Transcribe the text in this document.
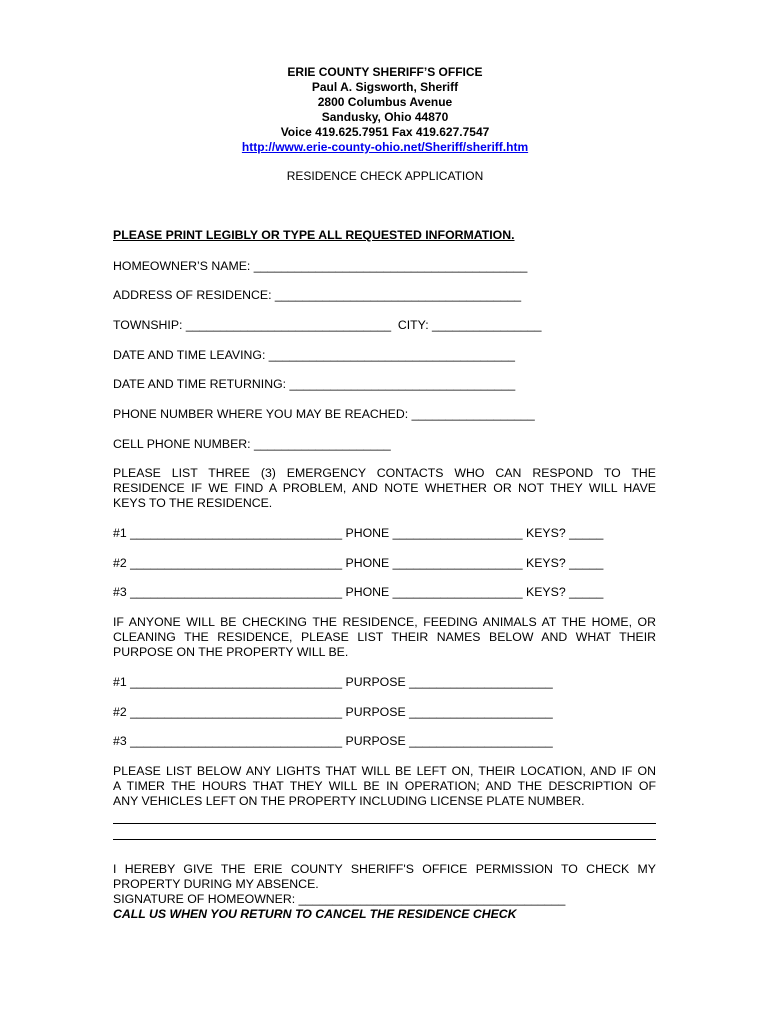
ERIE COUNTY SHERIFF’S OFFICE
Paul A. Sigsworth, Sheriff
2800 Columbus Avenue
Sandusky, Ohio 44870
Voice 419.625.7951 Fax 419.627.7547
http://www.erie-county-ohio.net/Sheriff/sheriff.htm
RESIDENCE CHECK APPLICATION
PLEASE PRINT LEGIBLY OR TYPE ALL REQUESTED INFORMATION.
HOMEOWNER’S NAME: ________________________________________
ADDRESS OF RESIDENCE: ____________________________________
TOWNSHIP: ______________________________  CITY: ________________
DATE AND TIME LEAVING: ____________________________________
DATE AND TIME RETURNING: _________________________________
PHONE NUMBER WHERE YOU MAY BE REACHED: __________________
CELL PHONE NUMBER: ____________________
PLEASE LIST THREE (3) EMERGENCY CONTACTS WHO CAN RESPOND TO THE
RESIDENCE IF WE FIND A PROBLEM, AND NOTE WHETHER OR NOT THEY WILL HAVE
KEYS TO THE RESIDENCE.
#1 _______________________________ PHONE ___________________ KEYS? _____
#2 _______________________________ PHONE ___________________ KEYS? _____
#3 _______________________________ PHONE ___________________ KEYS? _____
IF ANYONE WILL BE CHECKING THE RESIDENCE, FEEDING ANIMALS AT THE HOME, OR
CLEANING THE RESIDENCE, PLEASE LIST THEIR NAMES BELOW AND WHAT THEIR
PURPOSE ON THE PROPERTY WILL BE.
#1 _______________________________ PURPOSE _____________________
#2 _______________________________ PURPOSE _____________________
#3 _______________________________ PURPOSE _____________________
PLEASE LIST BELOW ANY LIGHTS THAT WILL BE LEFT ON, THEIR LOCATION, AND IF ON
A TIMER THE HOURS THAT THEY WILL BE IN OPERATION; AND THE DESCRIPTION OF
ANY VEHICLES LEFT ON THE PROPERTY INCLUDING LICENSE PLATE NUMBER.
I HEREBY GIVE THE ERIE COUNTY SHERIFF'S OFFICE PERMISSION TO CHECK MY
PROPERTY DURING MY ABSENCE.
SIGNATURE OF HOMEOWNER: _______________________________________
CALL US WHEN YOU RETURN TO CANCEL THE RESIDENCE CHECK
